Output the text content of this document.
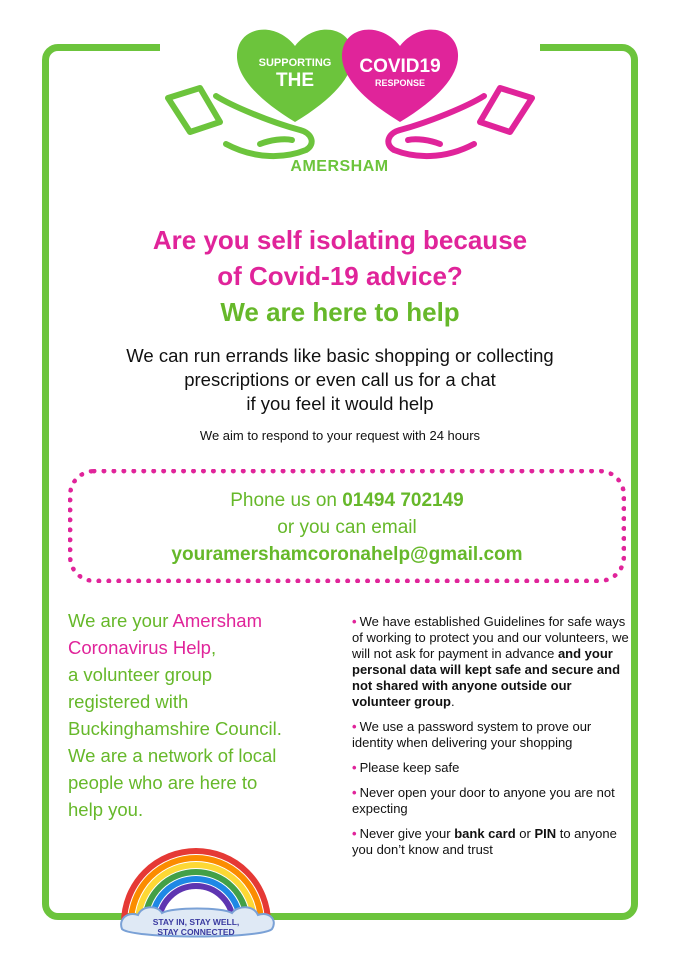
SUPPORTING
THE
COVID19
RESPONSE
AMERSHAM
Are you self isolating because
of Covid-19 advice?
We are here to help
We can run errands like basic shopping or collecting
prescriptions or even call us for a chat
if you feel it would help
We aim to respond to your request with 24 hours
Phone us on 01494 702149
or you can email
youramershamcoronahelp@gmail.com
We are your Amersham
Coronavirus Help,
a volunteer group
registered with
Buckinghamshire Council.
We are a network of local
people who are here to
help you.

• We have established Guidelines for safe ways of working to protect you and our volunteers, we will not ask for payment in advance and your personal data will kept safe and secure and not shared with anyone outside our volunteer group.

• We use a password system to prove our identity when delivering your shopping

• Please keep safe

• Never open your door to anyone you are not expecting

• Never give your bank card or PIN to anyone you don’t know and trust

STAY IN, STAY WELL,
STAY CONNECTED
